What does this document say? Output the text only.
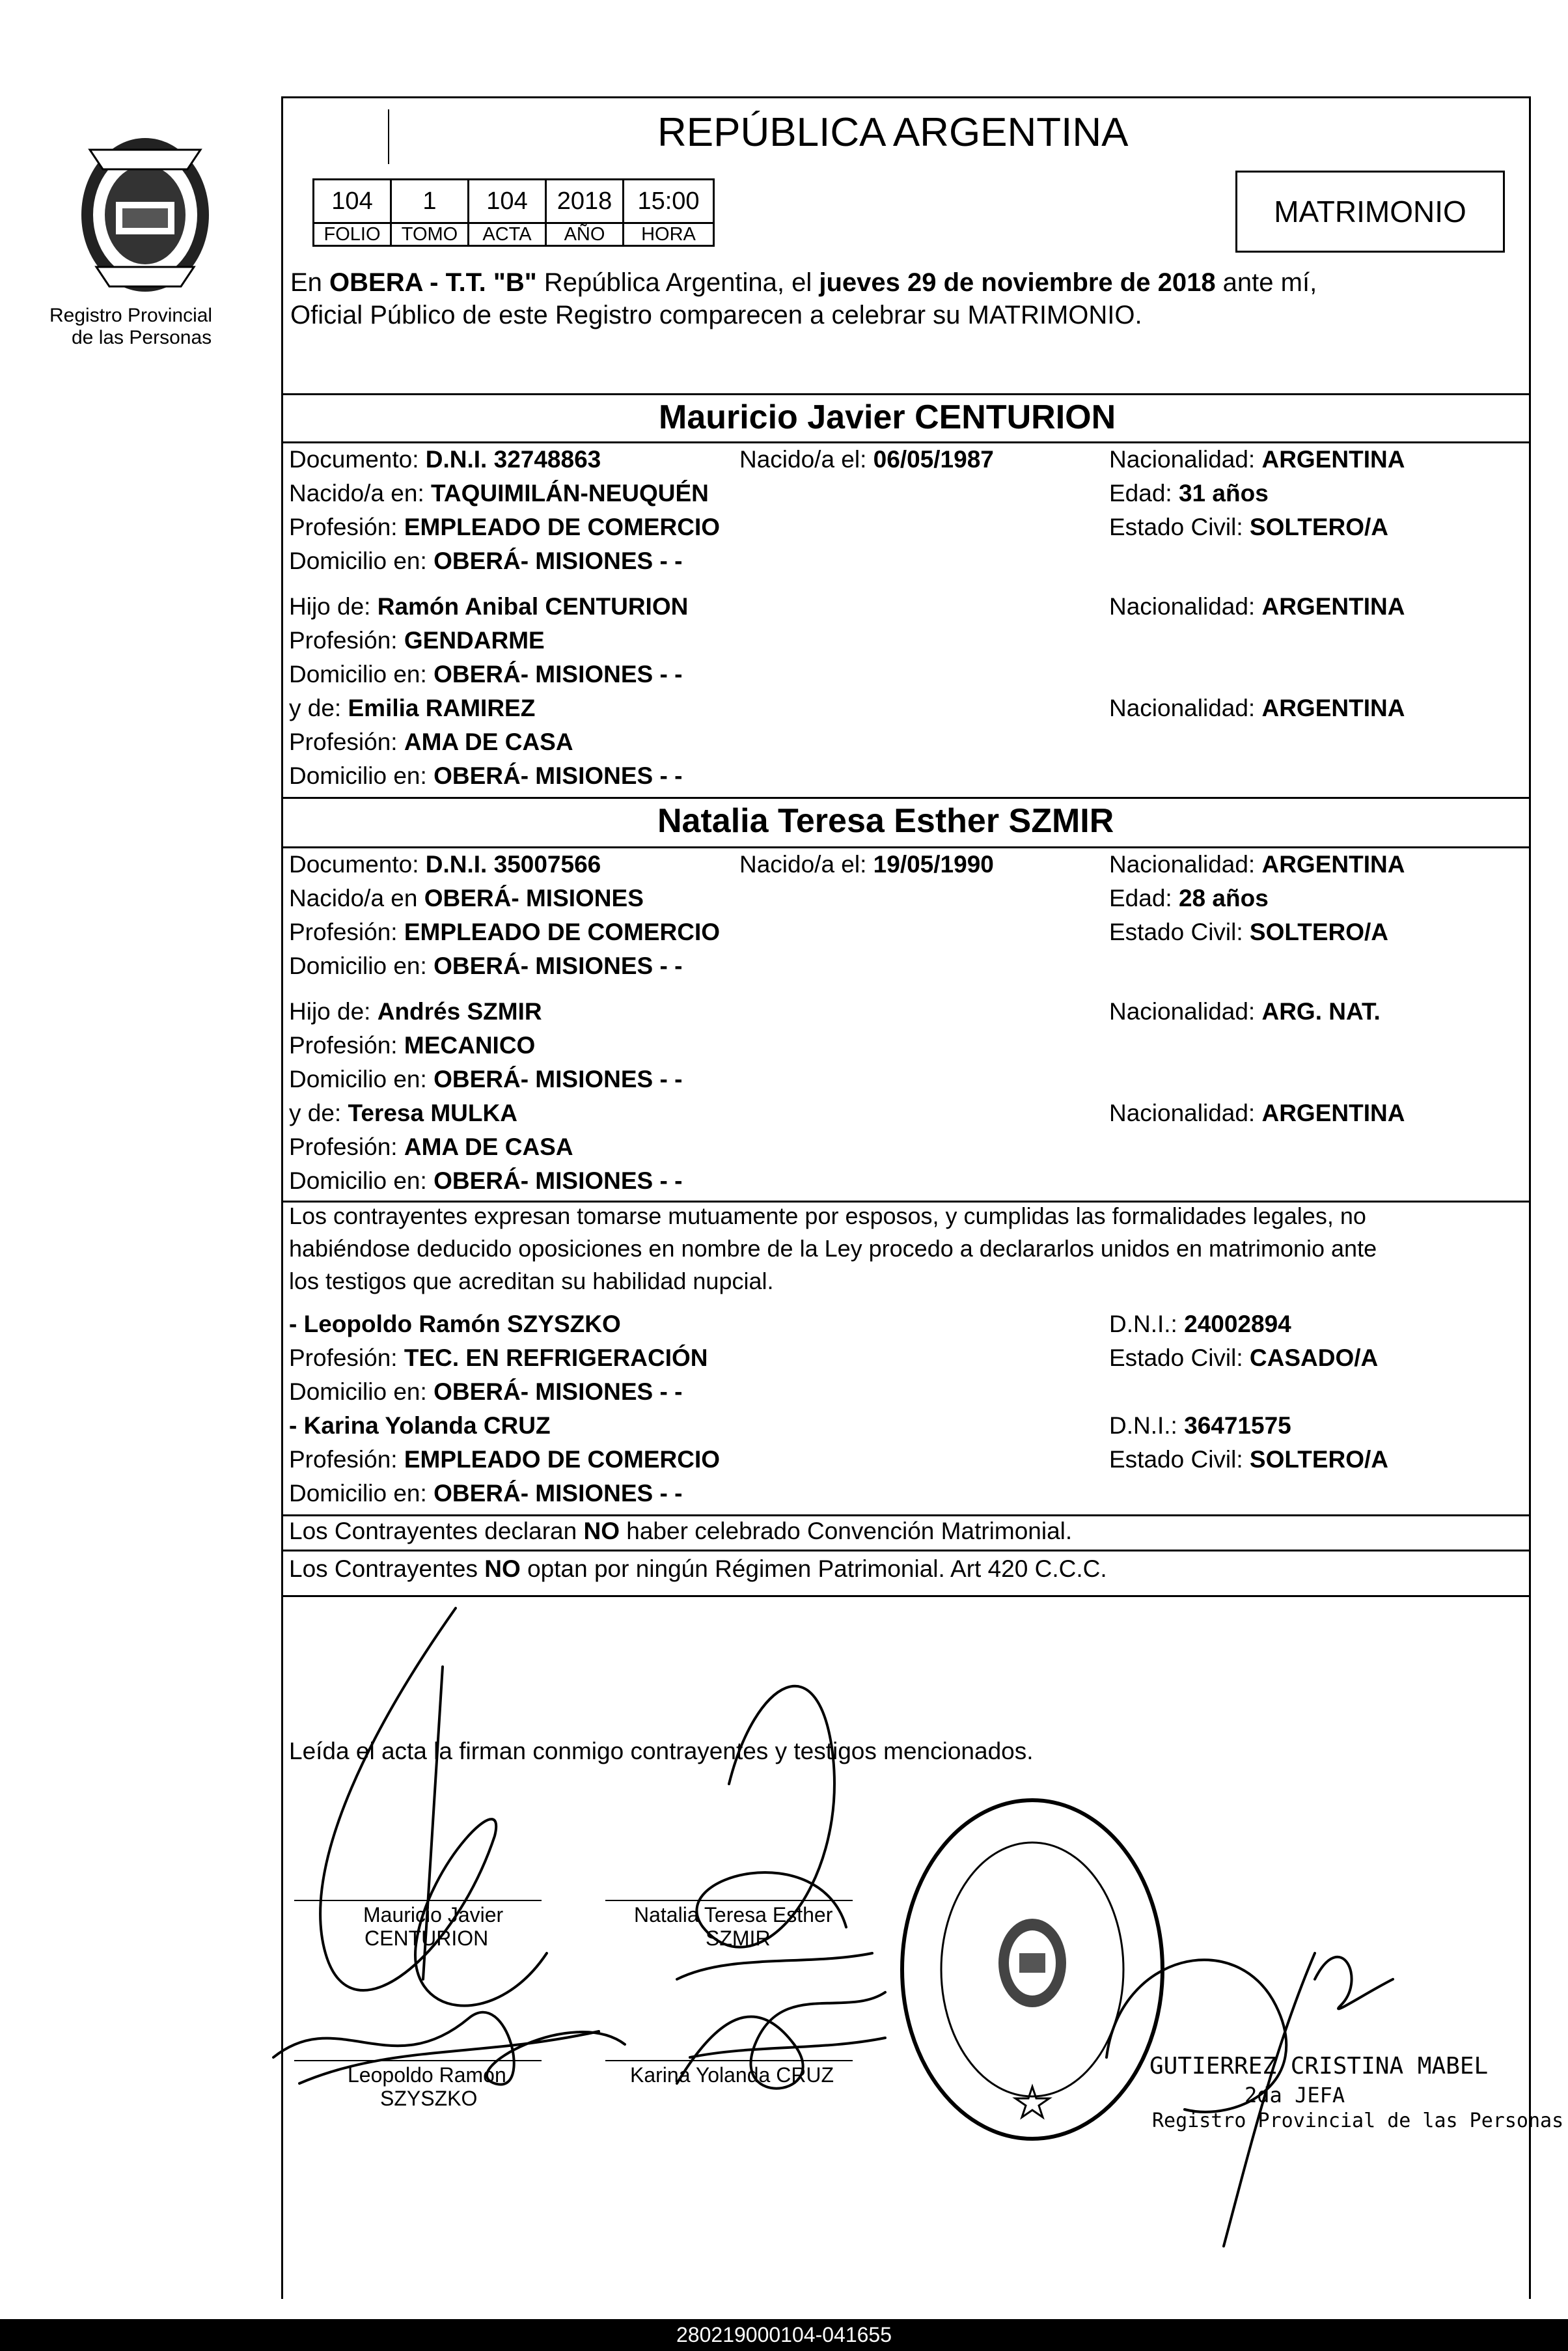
Registro Provincial
de las Personas
REPÚBLICA ARGENTINA
104	1	104	2018	15:00
FOLIO	TOMO	ACTA	AÑO	HORA
MATRIMONIO
En OBERA - T.T. "B" República Argentina, el jueves 29 de noviembre de 2018 ante mí,
Oficial Público de este Registro comparecen a celebrar su MATRIMONIO.
Mauricio Javier CENTURION
Documento: D.N.I. 32748863	Nacido/a el: 06/05/1987	Nacionalidad: ARGENTINA
Nacido/a en: TAQUIMILÁN-NEUQUÉN	Edad: 31 años
Profesión: EMPLEADO DE COMERCIO	Estado Civil: SOLTERO/A
Domicilio en: OBERÁ- MISIONES - -
Hijo de: Ramón Anibal CENTURION	Nacionalidad: ARGENTINA
Profesión: GENDARME
Domicilio en: OBERÁ- MISIONES - -
y de: Emilia RAMIREZ	Nacionalidad: ARGENTINA
Profesión: AMA DE CASA
Domicilio en: OBERÁ- MISIONES - -
Natalia Teresa Esther SZMIR
Documento: D.N.I. 35007566	Nacido/a el: 19/05/1990	Nacionalidad: ARGENTINA
Nacido/a en OBERÁ- MISIONES	Edad: 28 años
Profesión: EMPLEADO DE COMERCIO	Estado Civil: SOLTERO/A
Domicilio en: OBERÁ- MISIONES - -
Hijo de: Andrés SZMIR	Nacionalidad: ARG. NAT.
Profesión: MECANICO
Domicilio en: OBERÁ- MISIONES - -
y de: Teresa MULKA	Nacionalidad: ARGENTINA
Profesión: AMA DE CASA
Domicilio en: OBERÁ- MISIONES - -
Los contrayentes expresan tomarse mutuamente por esposos, y cumplidas las formalidades legales, no
habiéndose deducido oposiciones en nombre de la Ley procedo a declararlos unidos en matrimonio ante
los testigos que acreditan su habilidad nupcial.
- Leopoldo Ramón SZYSZKO	D.N.I.: 24002894
Profesión: TEC. EN REFRIGERACIÓN	Estado Civil: CASADO/A
Domicilio en: OBERÁ- MISIONES - -
- Karina Yolanda CRUZ	D.N.I.: 36471575
Profesión: EMPLEADO DE COMERCIO	Estado Civil: SOLTERO/A
Domicilio en: OBERÁ- MISIONES - -
Los Contrayentes declaran NO haber celebrado Convención Matrimonial.
Los Contrayentes NO optan por ningún Régimen Patrimonial. Art 420 C.C.C.
Leída el acta la firman conmigo contrayentes y testigos mencionados.
Mauricio Javier
CENTURION
Natalia Teresa Esther
SZMIR
Leopoldo Ramón
SZYSZKO
Karina Yolanda CRUZ	GUTIERREZ CRISTINA MABEL
2da JEFA
Registro Provincial de las Personas
280219000104-041655
